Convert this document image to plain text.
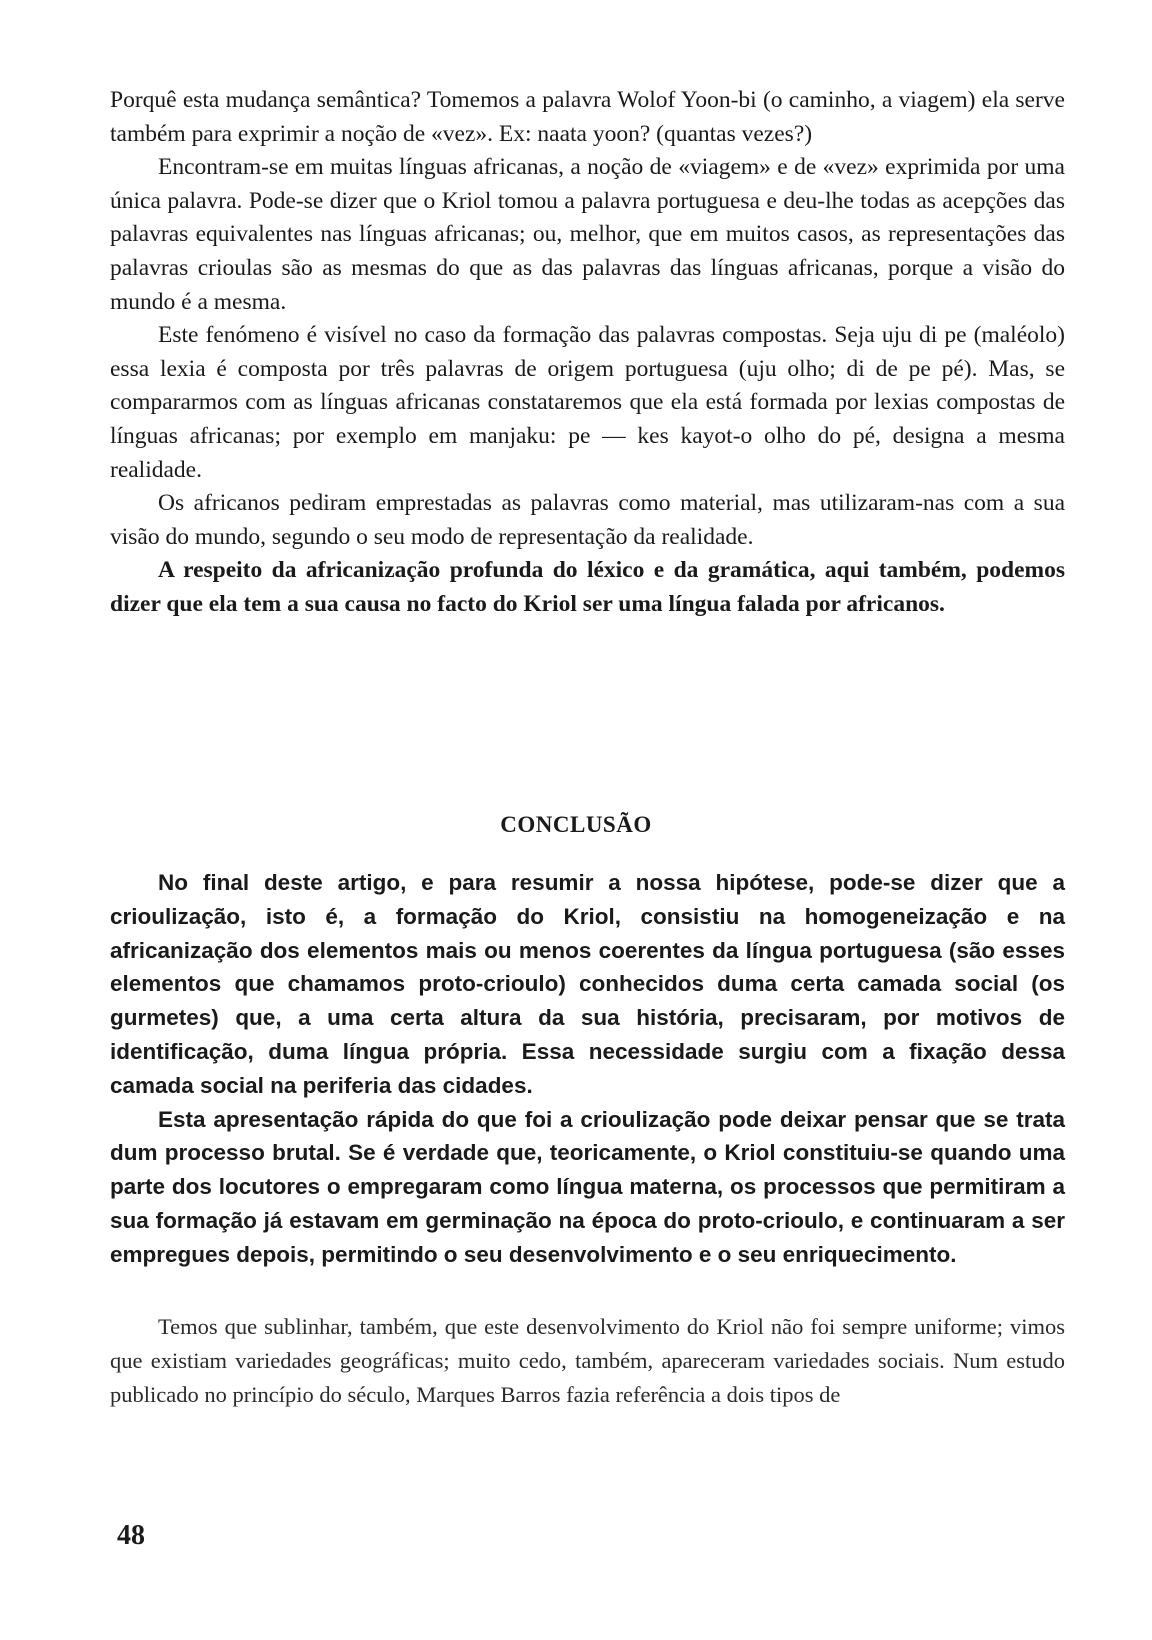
Porquê esta mudança semântica? Tomemos a palavra Wolof Yoon-bi (o caminho, a viagem) ela serve também para exprimir a noção de «vez». Ex: naata yoon? (quantas vezes?)

Encontram-se em muitas línguas africanas, a noção de «viagem» e de «vez» exprimida por uma única palavra. Pode-se dizer que o Kriol tomou a palavra portuguesa e deu-lhe todas as acepções das palavras equivalentes nas línguas africanas; ou, melhor, que em muitos casos, as representações das palavras crioulas são as mesmas do que as das palavras das línguas africanas, porque a visão do mundo é a mesma.

Este fenómeno é visível no caso da formação das palavras compostas. Seja uju di pe (maléolo) essa lexia é composta por três palavras de origem portuguesa (uju olho; di de pe pé). Mas, se compararmos com as línguas africanas constataremos que ela está formada por lexias compostas de línguas africanas; por exemplo em manjaku: pe — kes kayot-o olho do pé, designa a mesma realidade.

Os africanos pediram emprestadas as palavras como material, mas utilizaram-nas com a sua visão do mundo, segundo o seu modo de representação da realidade.

A respeito da africanização profunda do léxico e da gramática, aqui também, podemos dizer que ela tem a sua causa no facto do Kriol ser uma língua falada por africanos.

CONCLUSÃO

No final deste artigo, e para resumir a nossa hipótese, pode-se dizer que a crioulização, isto é, a formação do Kriol, consistiu na homogeneização e na africanização dos elementos mais ou menos coerentes da língua portuguesa (são esses elementos que chamamos proto-crioulo) conhecidos duma certa camada social (os gurmetes) que, a uma certa altura da sua história, precisaram, por motivos de identificação, duma língua própria. Essa necessidade surgiu com a fixação dessa camada social na periferia das cidades.

Esta apresentação rápida do que foi a crioulização pode deixar pensar que se trata dum processo brutal. Se é verdade que, teoricamente, o Kriol constituiu-se quando uma parte dos locutores o empregaram como língua materna, os processos que permitiram a sua formação já estavam em germinação na época do proto-crioulo, e continuaram a ser empregues depois, permitindo o seu desenvolvimento e o seu enriquecimento.

Temos que sublinhar, também, que este desenvolvimento do Kriol não foi sempre uniforme; vimos que existiam variedades geográficas; muito cedo, também, apareceram variedades sociais. Num estudo publicado no princípio do século, Marques Barros fazia referência a dois tipos de

48
